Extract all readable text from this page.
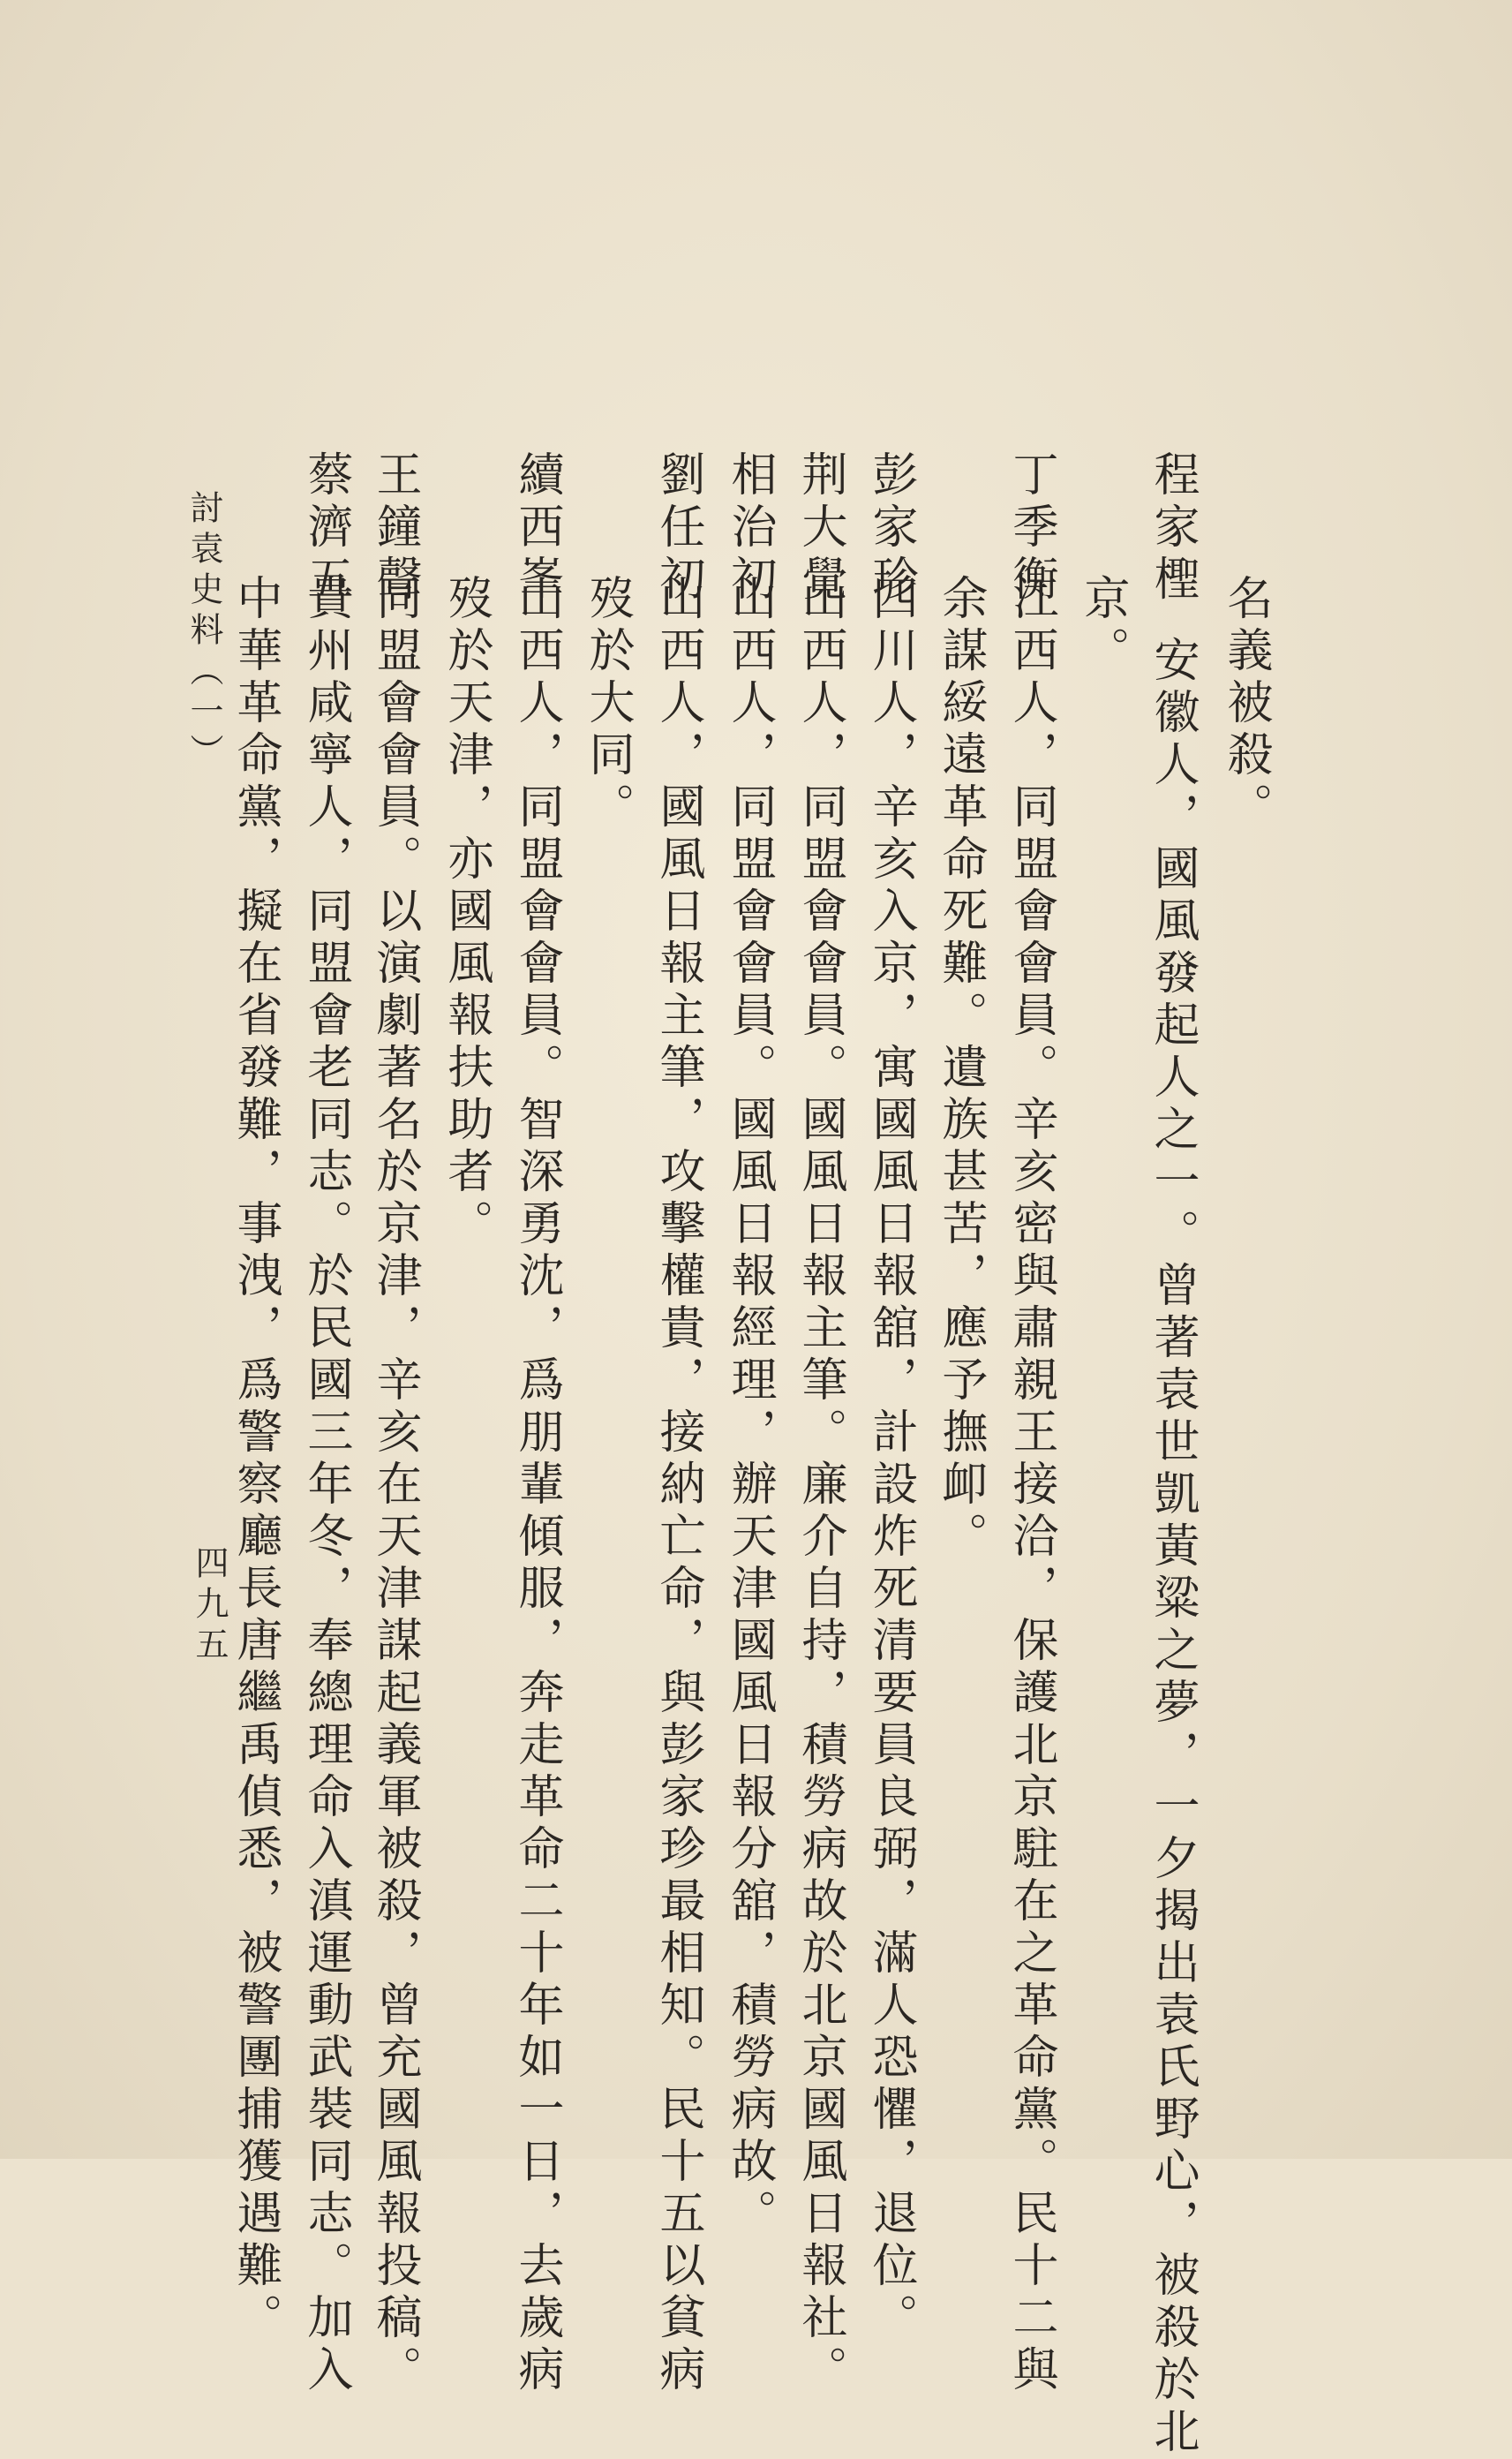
名義被殺。
程家檉
安徽人，國風發起人之一。曾著袁世凱黃粱之夢，一夕揭出袁氏野心，被殺於北
京。
丁季衡
江西人，同盟會會員。辛亥密與肅親王接洽，保護北京駐在之革命黨。民十二與
余謀綏遠革命死難。遺族甚苦，應予撫卹。
彭家珍
四川人，辛亥入京，寓國風日報舘，計設炸死清要員良弼，滿人恐懼，退位。
荆大覺
山西人，同盟會會員。國風日報主筆。廉介自持，積勞病故於北京國風日報社。
相治初
山西人，同盟會會員。國風日報經理，辦天津國風日報分舘，積勞病故。
劉任初
山西人，國風日報主筆，攻擊權貴，接納亡命，與彭家珍最相知。民十五以貧病
歿於大同。
續西峯
山西人，同盟會會員。智深勇沈，爲朋輩傾服，奔走革命二十年如一日，去歲病
歿於天津，亦國風報扶助者。
王鐘聲
同盟會會員。以演劇著名於京津，辛亥在天津謀起義軍被殺，曾充國風報投稿。
蔡濟五
貴州咸寧人，同盟會老同志。於民國三年冬，奉總理命入滇運動武裝同志。加入
中華革命黨，擬在省發難，事洩，爲警察廳長唐繼禹偵悉，被警團捕獲遇難。
討袁史料（一）
四九五
